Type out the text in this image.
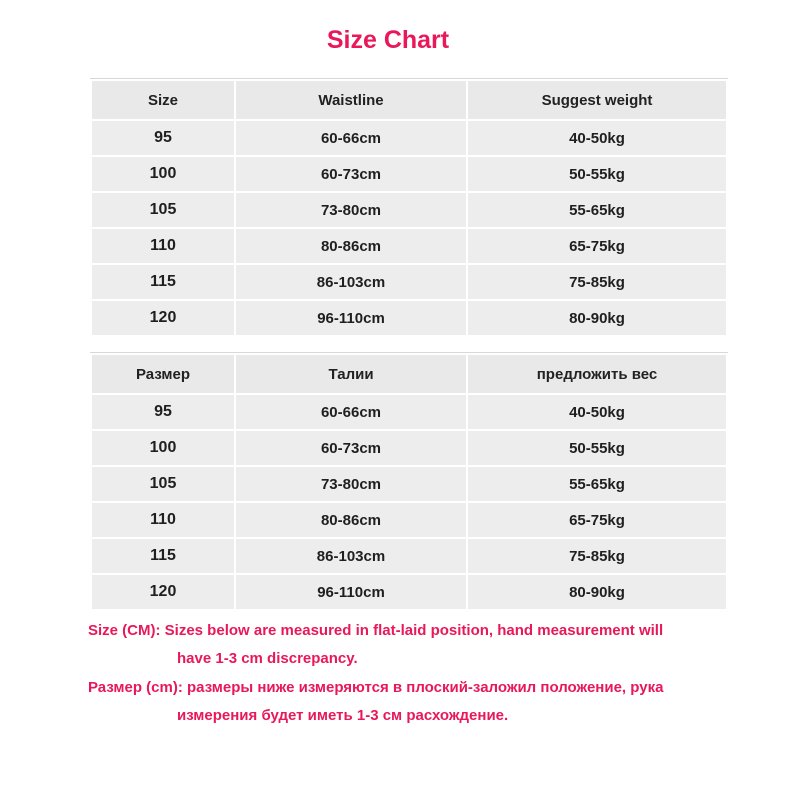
Size Chart
Size	Waistline	Suggest weight
95	60-66cm	40-50kg
100	60-73cm	50-55kg
105	73-80cm	55-65kg
110	80-86cm	65-75kg
115	86-103cm	75-85kg
120	96-110cm	80-90kg
Размер	Талии	предложить вес
95	60-66cm	40-50kg
100	60-73cm	50-55kg
105	73-80cm	55-65kg
110	80-86cm	65-75kg
115	86-103cm	75-85kg
120	96-110cm	80-90kg
Size (CM): Sizes below are measured in flat-laid position, hand measurement will
have 1-3 cm discrepancy.
Размер (cm): размеры ниже измеряются в плоский-заложил положение, рука
измерения будет иметь 1-3 см расхождение.
